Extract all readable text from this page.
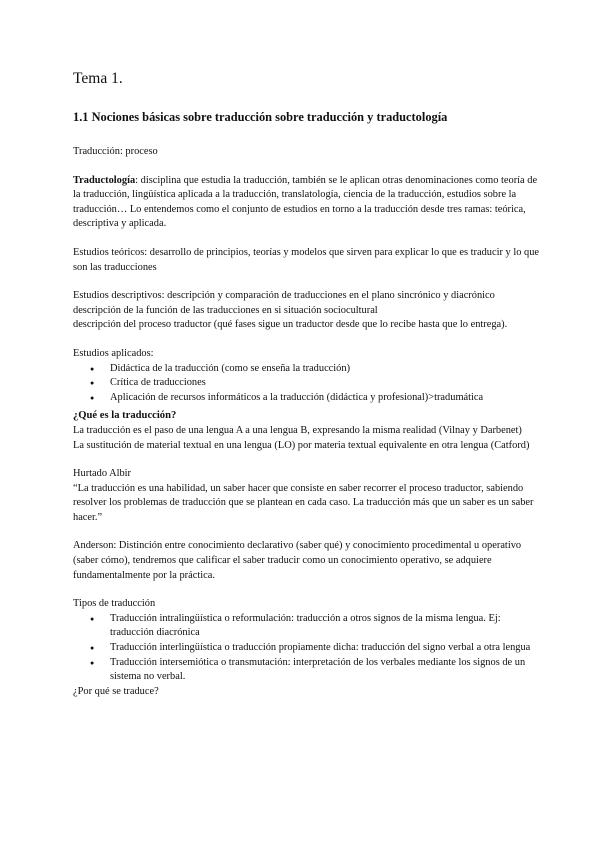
Tema 1.
1.1 Nociones básicas sobre traducción sobre traducción y traductología

Traducción: proceso

Traductología: disciplina que estudia la traducción, también se le aplican otras denominaciones como teoría de la traducción, lingüística aplicada a la traducción, translatología, ciencia de la traducción, estudios sobre la traducción… Lo entendemos como el conjunto de estudios en torno a la traducción desde tres ramas: teórica, descriptiva y aplicada.

Estudios teóricos: desarrollo de principios, teorías y modelos que sirven para explicar lo que es traducir y lo que son las traducciones

Estudios descriptivos: descripción y comparación de traducciones en el plano sincrónico y diacrónico

descripción de la función de las traducciones en si situación sociocultural

descripción del proceso traductor (qué fases sigue un traductor desde que lo recibe hasta que lo entrega).

Estudios aplicados:

● Didáctica de la traducción (como se enseña la traducción)
● Crítica de traducciones
● Aplicación de recursos informáticos a la traducción (didáctica y profesional)>tradumática

¿Qué es la traducción?

La traducción es el paso de una lengua A a una lengua B, expresando la misma realidad (Vilnay y Darbenet)

La sustitución de material textual en una lengua (LO) por materia textual equivalente en otra lengua (Catford)

Hurtado Albir

“La traducción es una habilidad, un saber hacer que consiste en saber recorrer el proceso traductor, sabiendo resolver los problemas de traducción que se plantean en cada caso. La traducción más que un saber es un saber hacer.”

Anderson: Distinción entre conocimiento declarativo (saber qué) y conocimiento procedimental u operativo (saber cómo), tendremos que calificar el saber traducir como un conocimiento operativo, se adquiere fundamentalmente por la práctica.

Tipos de traducción

● Traducción intralingüística o reformulación: traducción a otros signos de la misma lengua. Ej: traducción diacrónica
● Traducción interlingüística o traducción propiamente dicha: traducción del signo verbal a otra lengua
● Traducción intersemiótica o transmutación: interpretación de los verbales mediante los signos de un sistema no verbal.

¿Por qué se traduce?
